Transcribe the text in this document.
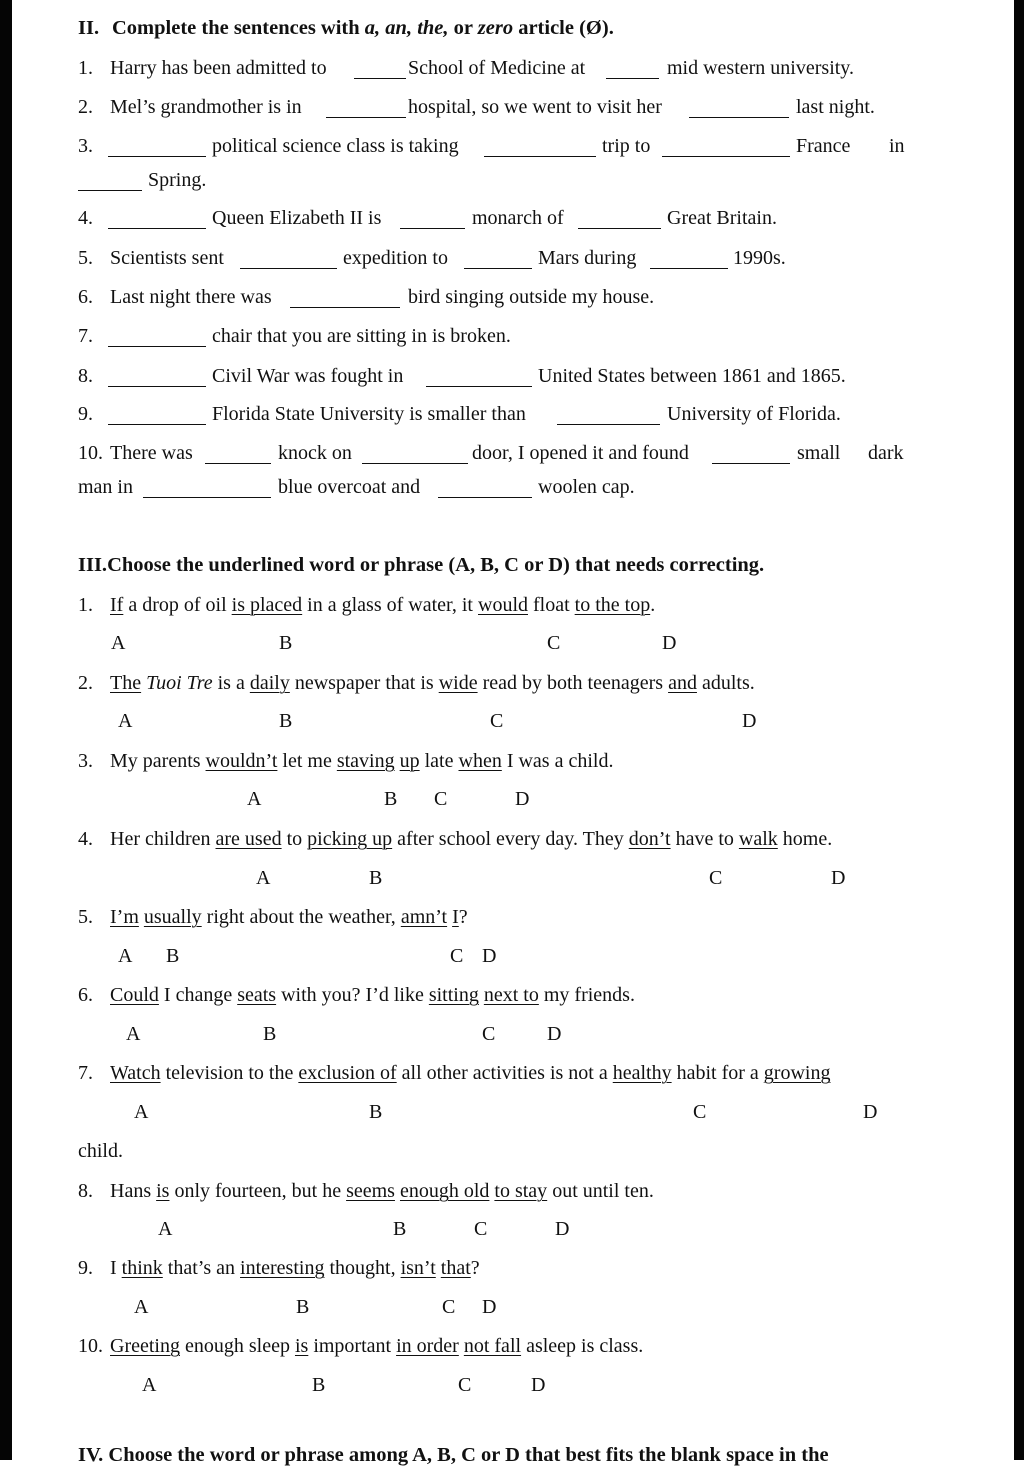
II. Complete the sentences with a, an, the, or zero article (Ø).
1. Harry has been admitted to	School of Medicine at	mid western university.
2. Mel’s grandmother is in	hospital, so we went to visit her	last night.
3.	political science class is taking	trip to	France in
Spring.
4.	Queen Elizabeth II is	monarch of	Great Britain.
5. Scientists sent	expedition to	Mars during	1990s.
6. Last night there was	bird singing outside my house.
7.	chair that you are sitting in is broken.
8.	Civil War was fought in	United States between 1861 and 1865.
9.	Florida State University is smaller than	University of Florida.
10. There was	knock on	door, I opened it and found	small dark
man in	blue overcoat and	woolen cap.
III.Choose the underlined word or phrase (A, B, C or D) that needs correcting.
1. If a drop of oil is placed in a glass of water, it would float to the top.
A	B	C	D
2. The Tuoi Tre is a daily newspaper that is wide read by both teenagers and adults.
A	B	C	D
3. My parents wouldn’t let me staving up late when I was a child.
A	B C	D
4. Her children are used to picking up after school every day. They don’t have to walk home.
A	B	C	D
5. I’m usually right about the weather, amn’t I?
A B	C D
6. Could I change seats with you? I’d like sitting next to my friends.
A	B	C	D
7. Watch television to the exclusion of all other activities is not a healthy habit for a growing
A	B	C	D
child.
8. Hans is only fourteen, but he seems enough old to stay out until ten.
A	B	C	D
9. I think that’s an interesting thought, isn’t that?
A	B	C D
10. Greeting enough sleep is important in order not fall asleep is class.
A	B	C	D
IV. Choose the word or phrase among A, B, C or D that best fits the blank space in the
